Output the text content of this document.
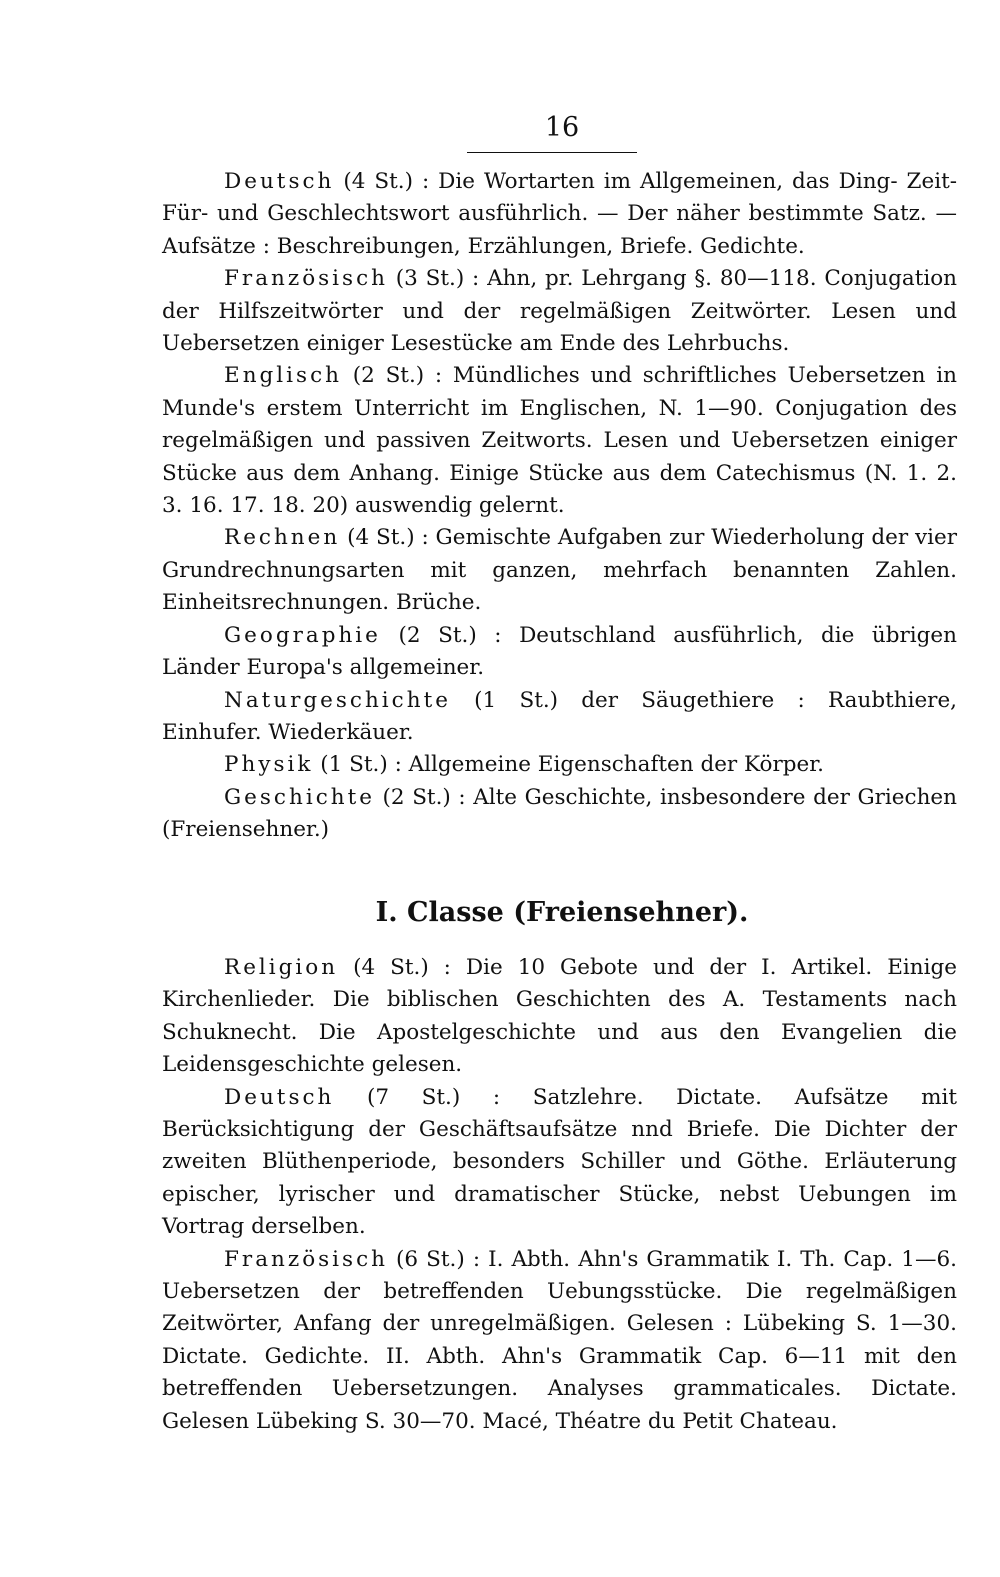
16

Deutsch (4 St.) : Die Wortarten im Allgemeinen, das Ding- Zeit- Für- und Geschlechtswort ausführlich. — Der näher bestimmte Satz. — Aufsätze : Beschreibungen, Erzählungen, Briefe. Gedichte.

Französisch (3 St.) : Ahn, pr. Lehrgang §. 80—118. Conjugation der Hilfszeitwörter und der regelmäßigen Zeitwörter. Lesen und Uebersetzen einiger Lesestücke am Ende des Lehrbuchs.

Englisch (2 St.) : Mündliches und schriftliches Uebersetzen in Munde's erstem Unterricht im Englischen, N. 1—90. Conjugation des regelmäßigen und passiven Zeitworts. Lesen und Uebersetzen einiger Stücke aus dem Anhang. Einige Stücke aus dem Catechismus (N. 1. 2. 3. 16. 17. 18. 20) auswendig gelernt.

Rechnen (4 St.) : Gemischte Aufgaben zur Wiederholung der vier Grundrechnungsarten mit ganzen, mehrfach benannten Zahlen. Einheitsrechnungen. Brüche.

Geographie (2 St.) : Deutschland ausführlich, die übrigen Länder Europa's allgemeiner.

Naturgeschichte (1 St.) der Säugethiere : Raubthiere, Einhufer. Wiederkäuer.

Physik (1 St.) : Allgemeine Eigenschaften der Körper.

Geschichte (2 St.) : Alte Geschichte, insbesondere der Griechen (Freiensehner.)

I. Classe (Freiensehner).

Religion (4 St.) : Die 10 Gebote und der I. Artikel. Einige Kirchenlieder. Die biblischen Geschichten des A. Testaments nach Schuknecht. Die Apostelgeschichte und aus den Evangelien die Leidensgeschichte gelesen.

Deutsch (7 St.) : Satzlehre. Dictate. Aufsätze mit Berücksichtigung der Geschäftsaufsätze nnd Briefe. Die Dichter der zweiten Blüthenperiode, besonders Schiller und Göthe. Erläuterung epischer, lyrischer und dramatischer Stücke, nebst Uebungen im Vortrag derselben.

Französisch (6 St.) : I. Abth. Ahn's Grammatik I. Th. Cap. 1—6. Uebersetzen der betreffenden Uebungsstücke. Die regelmäßigen Zeitwörter, Anfang der unregelmäßigen. Gelesen : Lübeking S. 1—30. Dictate. Gedichte. II. Abth. Ahn's Grammatik Cap. 6—11 mit den betreffenden Uebersetzungen. Analyses grammaticales. Dictate. Gelesen Lübeking S. 30—70. Macé, Théatre du Petit Chateau.
